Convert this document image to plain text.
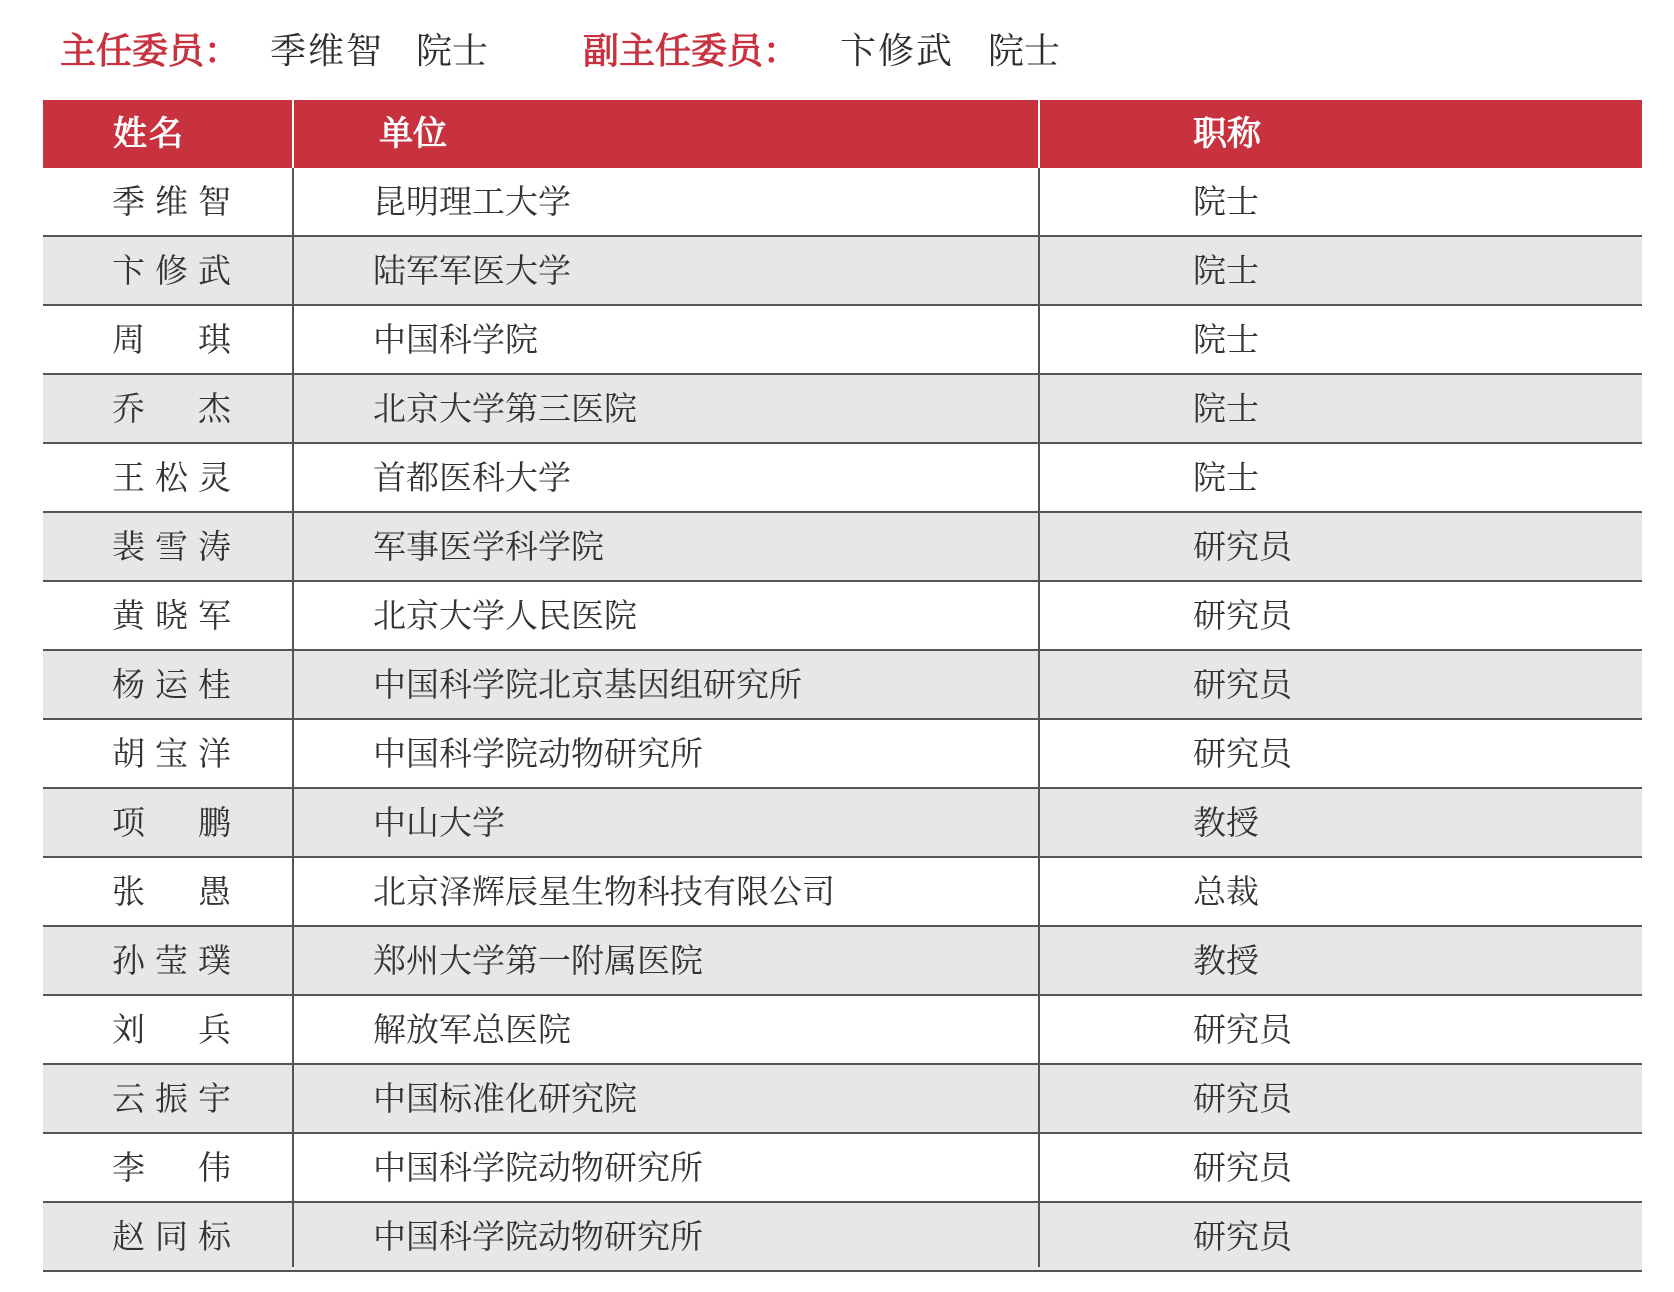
主任委员： 季维智 院士	副主任委员： 卞修武 院士
姓名	单位	职称
季维智	昆明理工大学	院士
卞修武	陆军军医大学	院士
周　琪	中国科学院	院士
乔　杰	北京大学第三医院	院士
王松灵	首都医科大学	院士
裴雪涛	军事医学科学院	研究员
黄晓军	北京大学人民医院	研究员
杨运桂	中国科学院北京基因组研究所	研究员
胡宝洋	中国科学院动物研究所	研究员
项　鹏	中山大学	教授
张　愚	北京泽辉辰星生物科技有限公司	总裁
孙莹璞	郑州大学第一附属医院	教授
刘　兵	解放军总医院	研究员
云振宇	中国标准化研究院	研究员
李　伟	中国科学院动物研究所	研究员
赵同标	中国科学院动物研究所	研究员
